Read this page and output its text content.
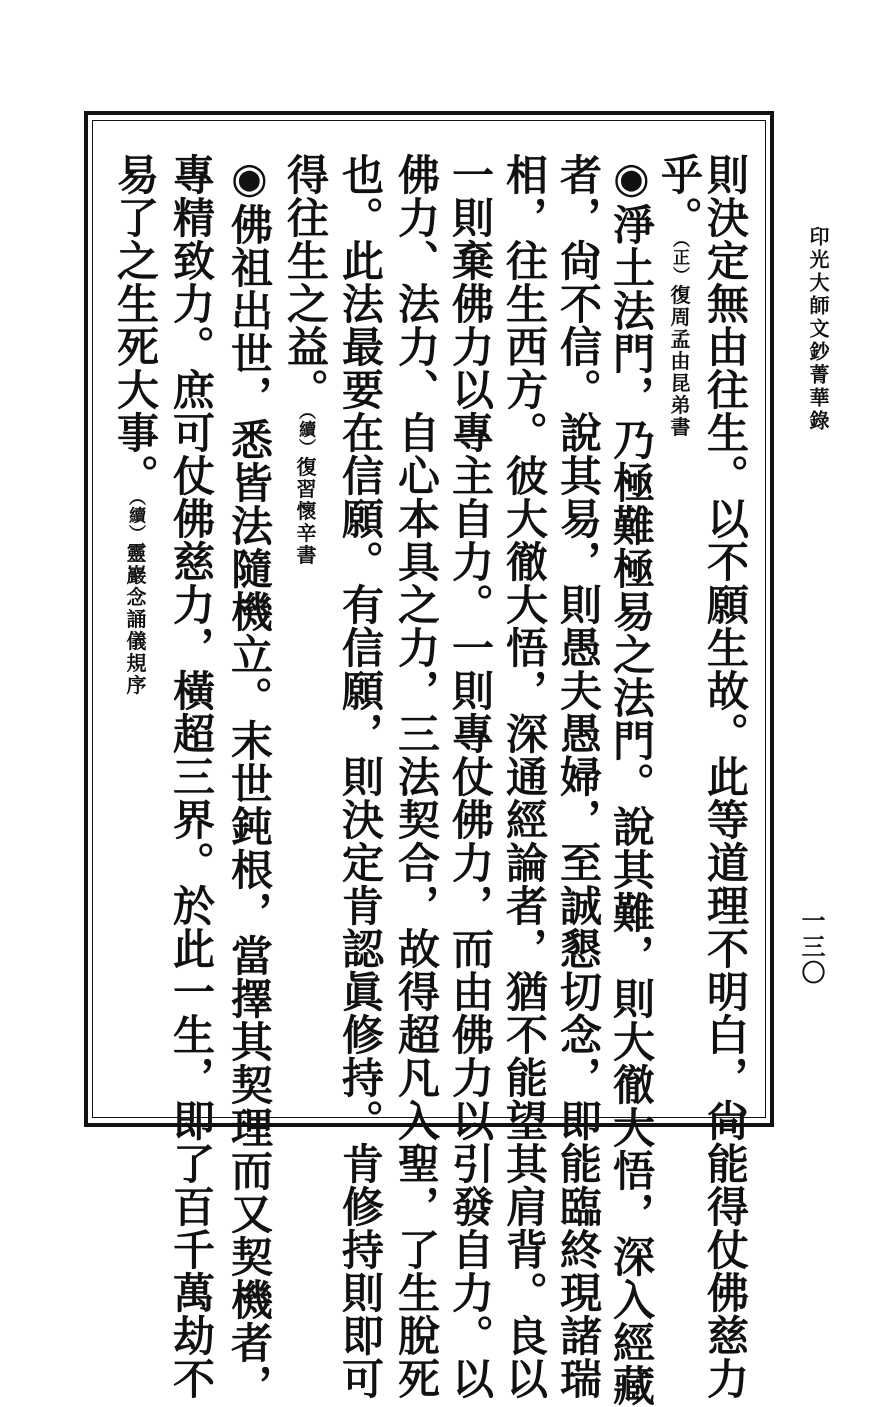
印光大師文鈔菁華錄
一三〇
則決定無由往生。以不願生故。此等道理不明白，尙能得仗佛慈力
乎。（正）復周孟由昆弟書
◉淨土法門，乃極難極易之法門。說其難，則大徹大悟，深入經藏
者，尙不信。說其易，則愚夫愚婦，至誠懇切念，即能臨終現諸瑞
相，往生西方。彼大徹大悟，深通經論者，猶不能望其肩背。良以
一則棄佛力以專主自力。一則專仗佛力，而由佛力以引發自力。以
佛力、法力、自心本具之力，三法契合，故得超凡入聖，了生脫死
也。此法最要在信願。有信願，則決定肯認眞修持。肯修持則即可
得往生之益。（續）復習懷辛書
◉佛祖出世，悉皆法隨機立。末世鈍根，當擇其契理而又契機者，
專精致力。庶可仗佛慈力，橫超三界。於此一生，即了百千萬劫不
易了之生死大事。（續）靈巖念誦儀規序
